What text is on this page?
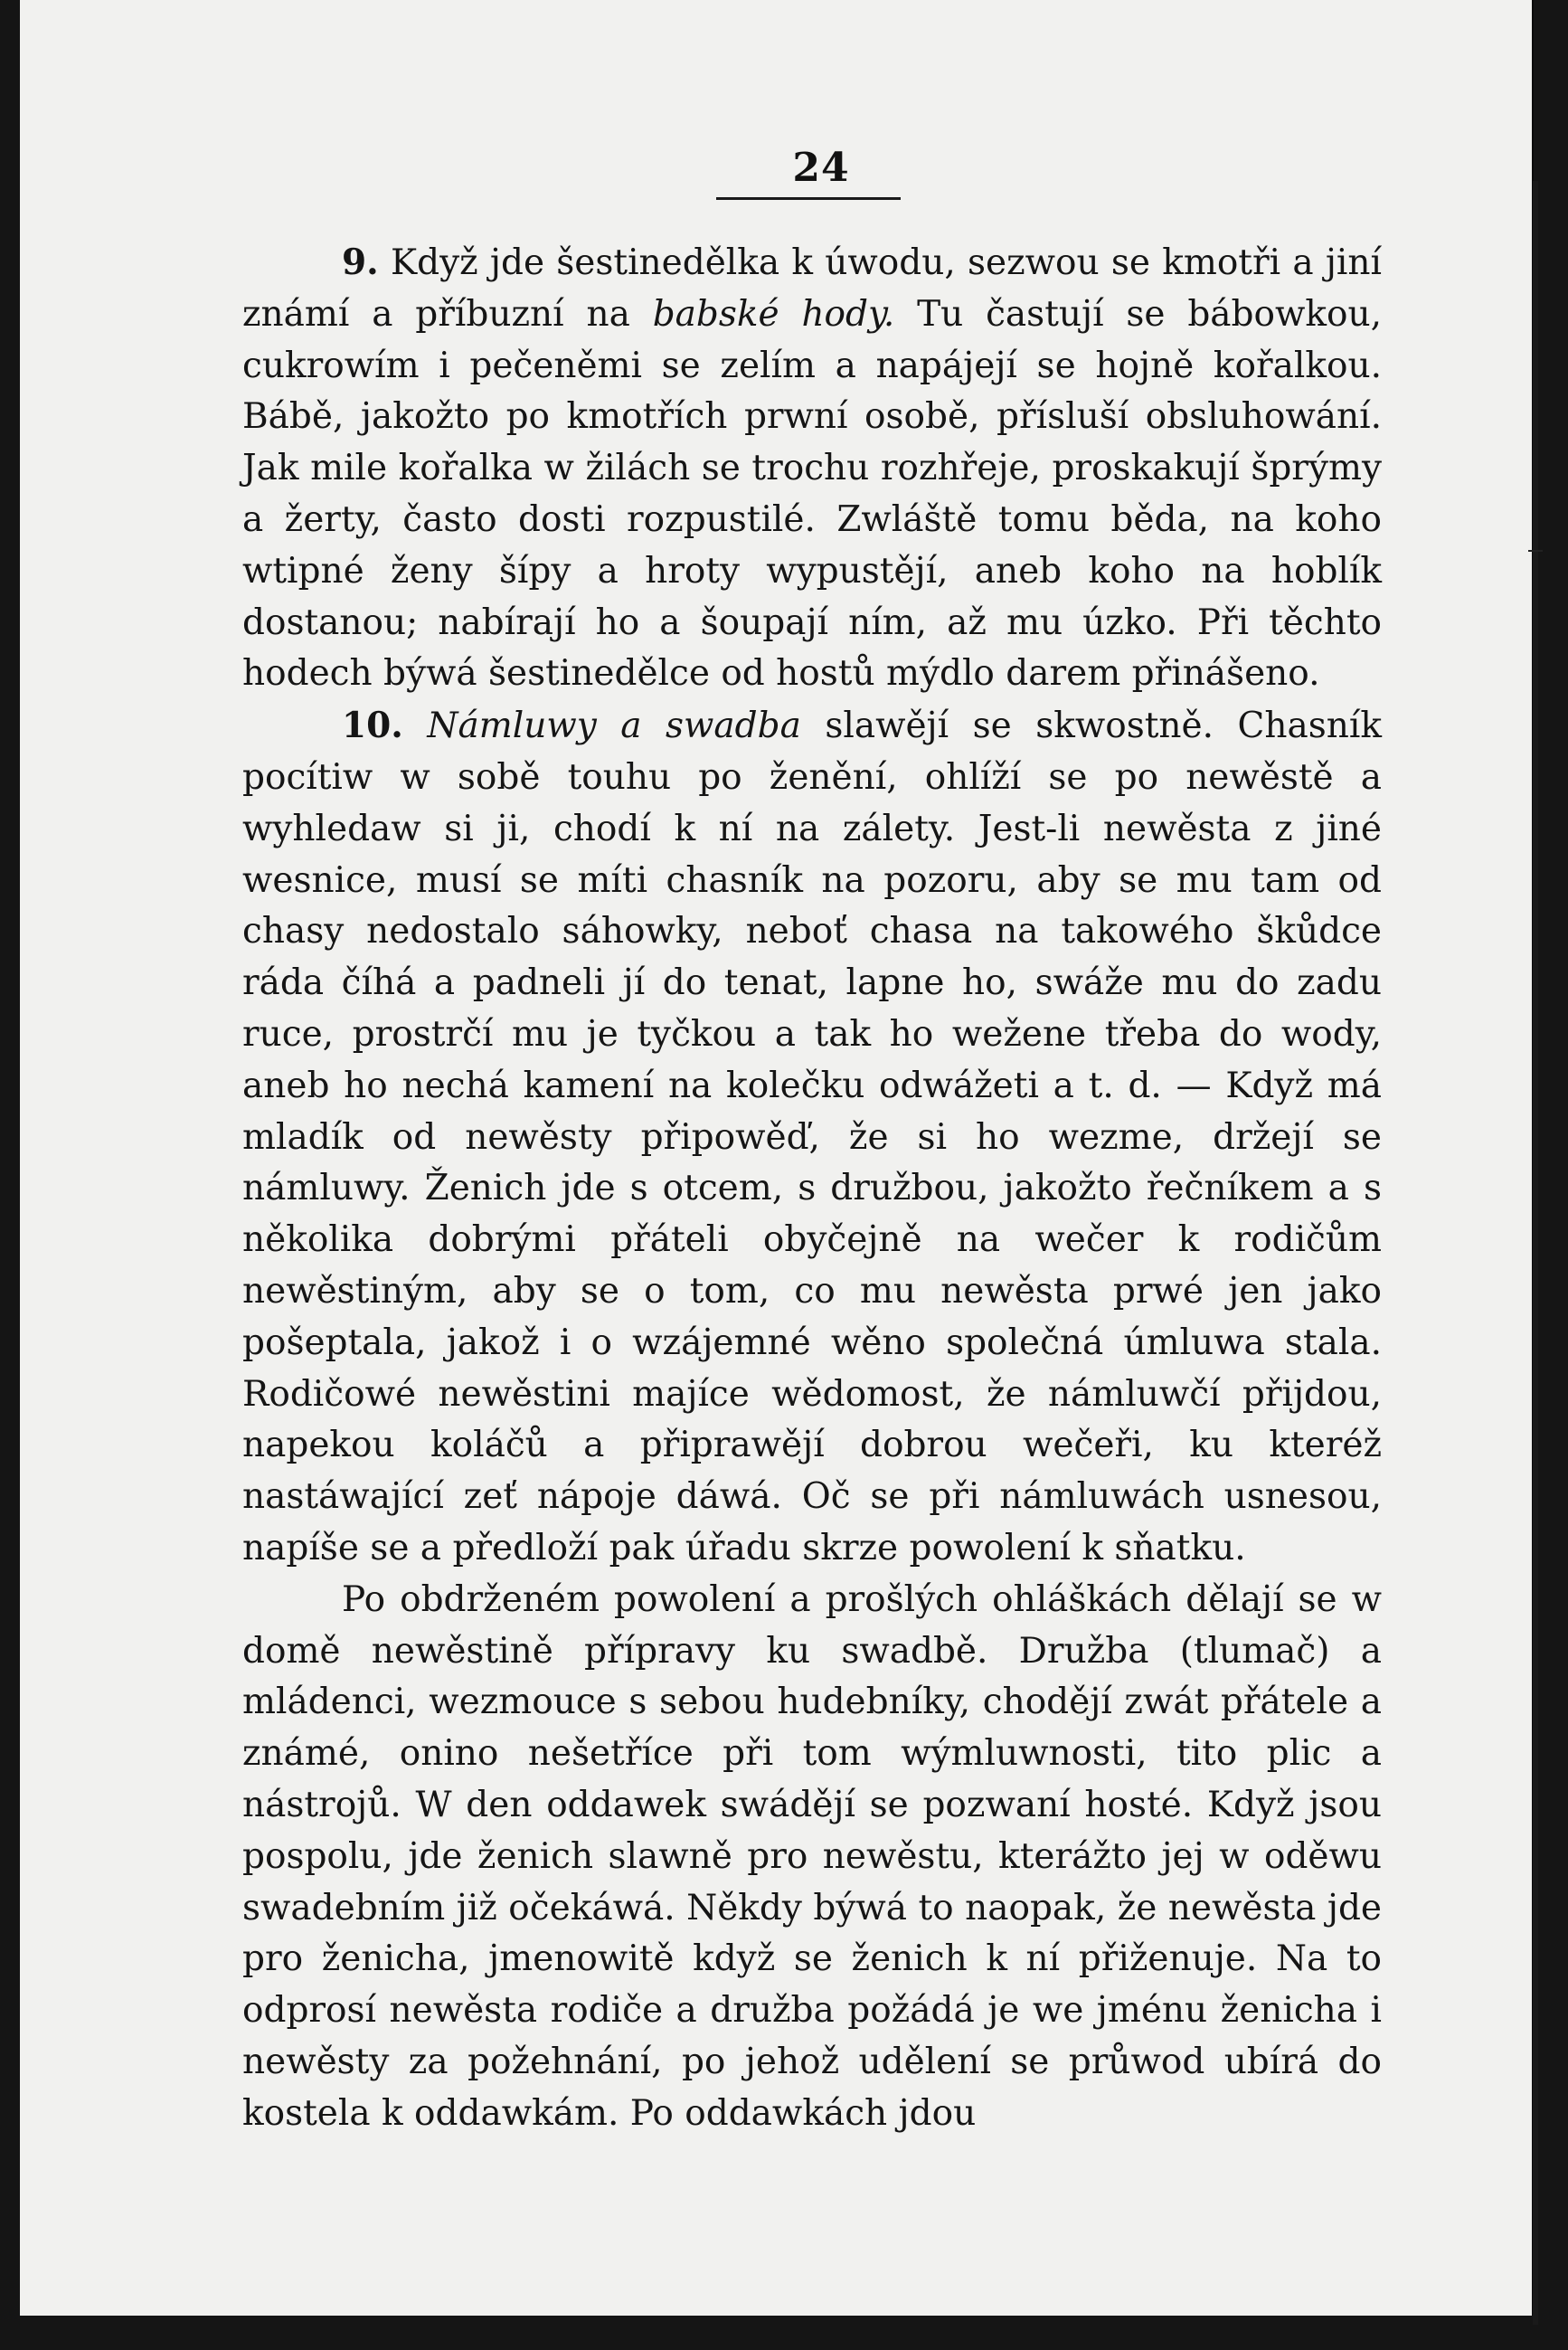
24

9. Když jde šestinedělka k úwodu, sezwou se kmotři a jiní známí a příbuzní na babské hody. Tu častují se bábowkou, cukrowím i pečeněmi se zelím a napájejí se hojně kořalkou. Bábě, jakožto po kmotřích prwní osobě, přísluší obsluhowání. Jak mile kořalka w žilách se trochu rozhřeje, proskakují šprýmy a žerty, často dosti rozpustilé. Zwláště tomu běda, na koho wtipné ženy šípy a hroty wypustějí, aneb koho na hoblík dostanou; nabírají ho a šoupají ním, až mu úzko. Při těchto hodech býwá šestinedělce od hostů mýdlo darem přinášeno.

10. Námluwy a swadba slawějí se skwostně. Chasník pocítiw w sobě touhu po ženění, ohlíží se po newěstě a wyhledaw si ji, chodí k ní na zálety. Jest-li newěsta z jiné wesnice, musí se míti chasník na pozoru, aby se mu tam od chasy nedostalo sáhowky, neboť chasa na takowého škůdce ráda číhá a padneli jí do tenat, lapne ho, swáže mu do zadu ruce, prostrčí mu je tyčkou a tak ho wežene třeba do wody, aneb ho nechá kamení na kolečku odwážeti a t. d. — Když má mladík od newěsty připowěď, že si ho wezme, držejí se námluwy. Ženich jde s otcem, s družbou, jakožto řečníkem a s několika dobrými přáteli obyčejně na wečer k rodičům newěstiným, aby se o tom, co mu newěsta prwé jen jako pošeptala, jakož i o wzájemné wěno společná úmluwa stala. Rodičowé newěstini majíce wědomost, že námluwčí přijdou, napekou koláčů a připrawějí dobrou wečeři, ku kteréž nastáwající zeť nápoje dáwá. Oč se při námluwách usnesou, napíše se a předloží pak úřadu skrze powolení k sňatku.

Po obdrženém powolení a prošlých ohláškách dělají se w domě newěstině přípravy ku swadbě. Družba (tlumač) a mládenci, wezmouce s sebou hudebníky, chodějí zwát přátele a známé, onino nešetříce při tom wýmluwnosti, tito plic a nástrojů. W den oddawek swádějí se pozwaní hosté. Když jsou pospolu, jde ženich slawně pro newěstu, kterážto jej w oděwu swadebním již očekáwá. Někdy býwá to naopak, že newěsta jde pro ženicha, jmenowitě když se ženich k ní přiženuje. Na to odprosí newěsta rodiče a družba požádá je we jménu ženicha i newěsty za požehnání, po jehož udělení se průwod ubírá do kostela k oddawkám. Po oddawkách jdou
